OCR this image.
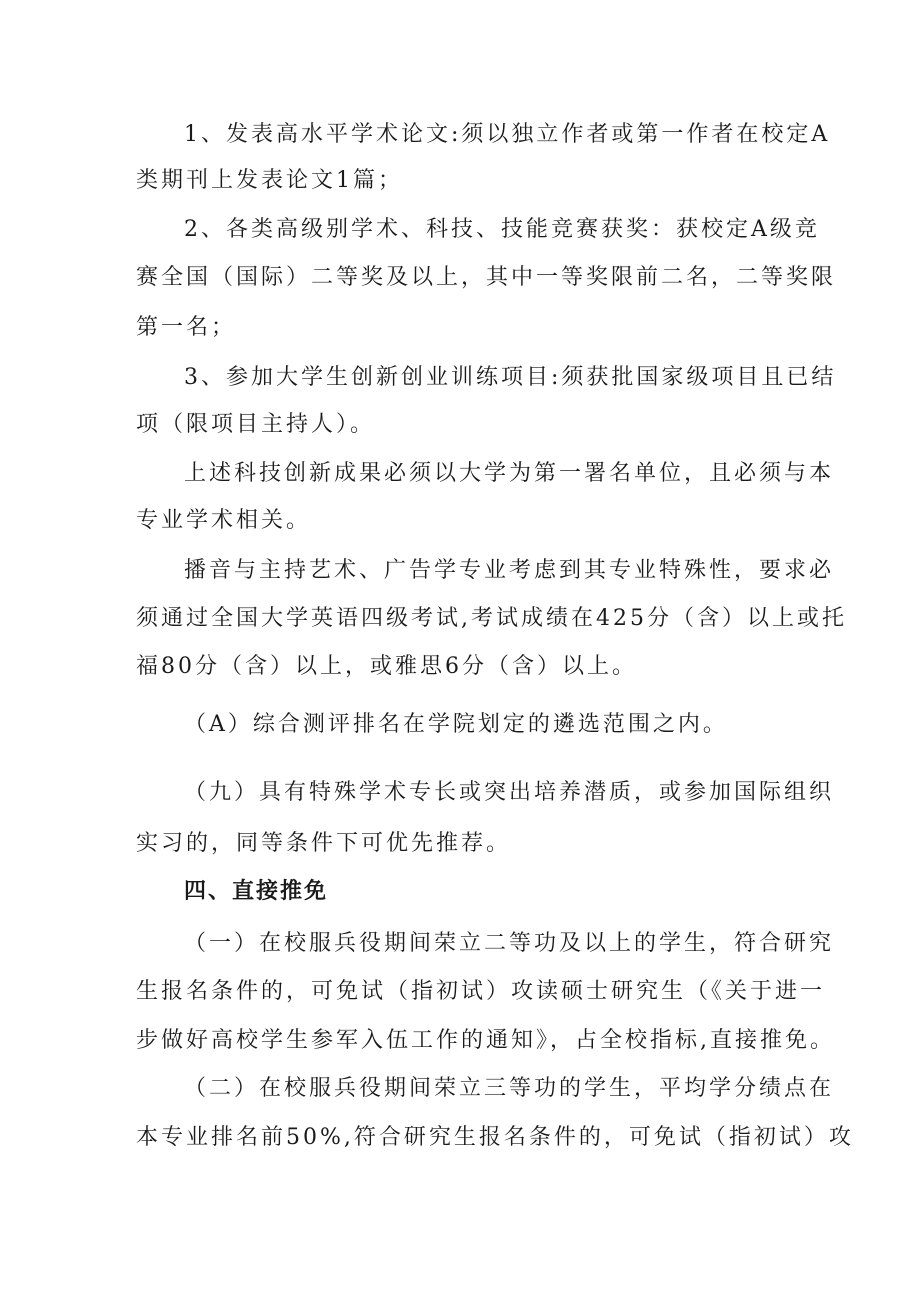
1、发表高水平学术论文:须以独立作者或第一作者在校定A
类期刊上发表论文1篇；
2、各类高级别学术、科技、技能竞赛获奖：获校定A级竞
赛全国（国际）二等奖及以上，其中一等奖限前二名，二等奖限
第一名；
3、参加大学生创新创业训练项目:须获批国家级项目且已结
项（限项目主持人）。
上述科技创新成果必须以大学为第一署名单位，且必须与本
专业学术相关。
播音与主持艺术、广告学专业考虑到其专业特殊性，要求必
须通过全国大学英语四级考试,考试成绩在425分（含）以上或托
福80分（含）以上，或雅思6分（含）以上。
（A）综合测评排名在学院划定的遴选范围之内。
（九）具有特殊学术专长或突出培养潜质，或参加国际组织
实习的，同等条件下可优先推荐。
四、直接推免
（一）在校服兵役期间荣立二等功及以上的学生，符合研究
生报名条件的，可免试（指初试）攻读硕士研究生（《关于进一
步做好高校学生参军入伍工作的通知》，占全校指标,直接推免。
（二）在校服兵役期间荣立三等功的学生，平均学分绩点在
本专业排名前50%,符合研究生报名条件的，可免试（指初试）攻
